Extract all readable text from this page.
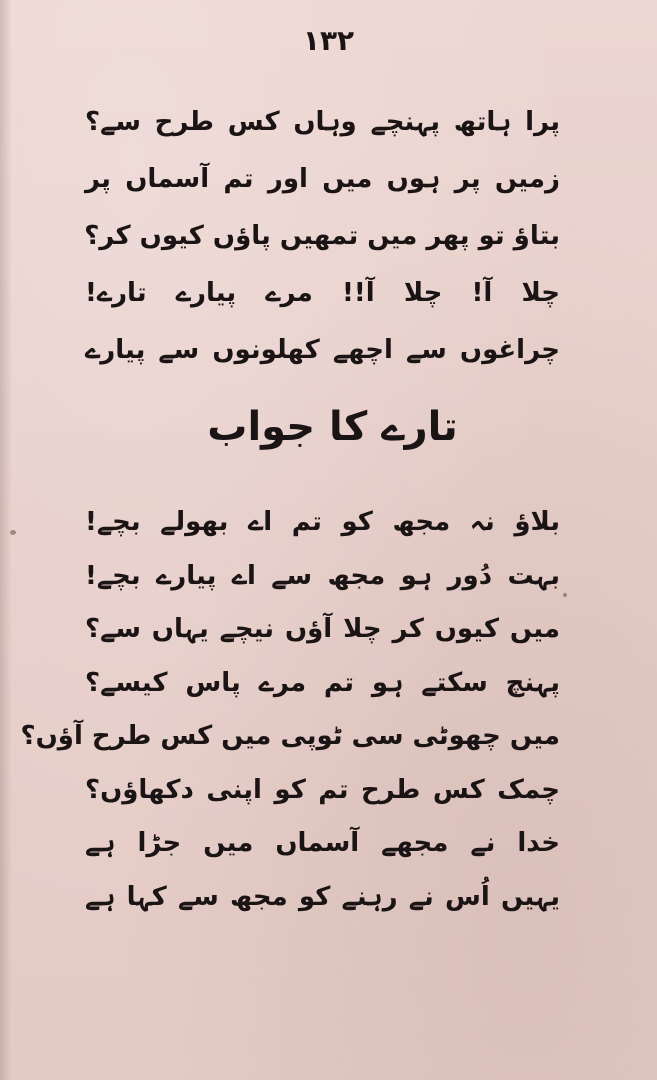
۱۳۲
پرا ہاتھ پہنچے وہاں کس طرح سے؟
زمیں پر ہوں میں اور تم آسماں پر
بتاؤ تو پھر میں تمھیں پاؤں کیوں کر؟
چلا آ! چلا آ!! مرے پیارے تارے!
چراغوں سے اچھے کھلونوں سے پیارے
تارے کا جواب
بلاؤ نہ مجھ کو تم اے بھولے بچے!
بہت دُور ہو مجھ سے اے پیارے بچے!
میں کیوں کر چلا آؤں نیچے یہاں سے؟
پہنچ سکتے ہو تم مرے پاس کیسے؟
میں چھوٹی سی ٹوپی میں کس طرح آؤں؟
چمک کس طرح تم کو اپنی دکھاؤں؟
خدا نے مجھے آسماں میں جڑا ہے
یہیں اُس نے رہنے کو مجھ سے کہا ہے
